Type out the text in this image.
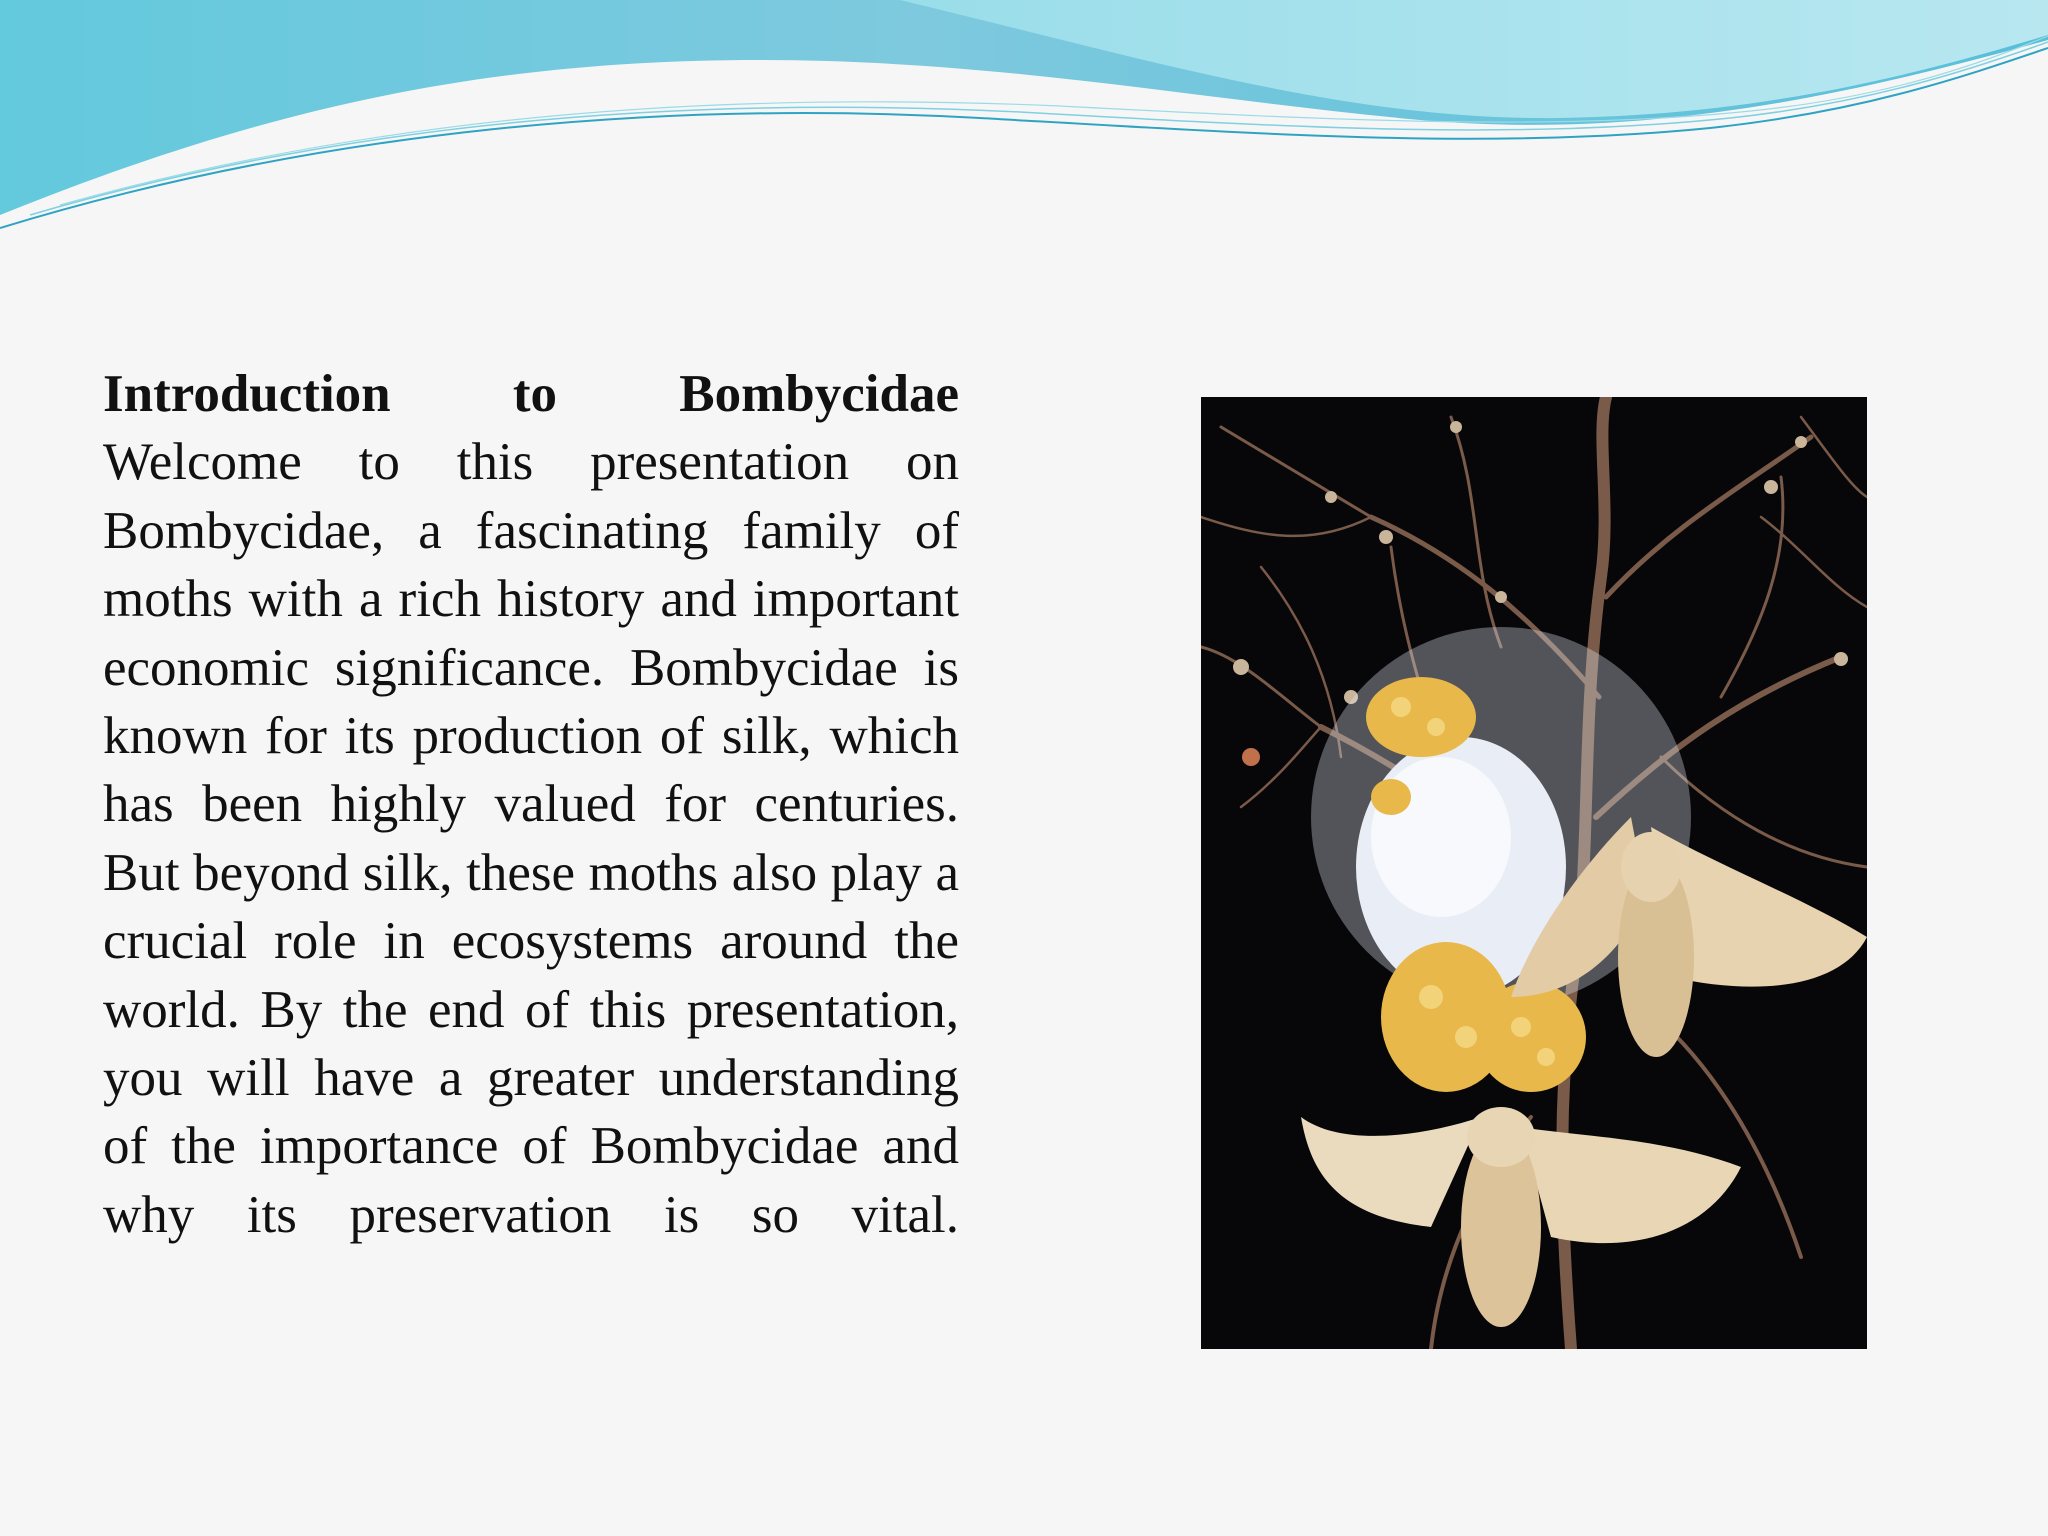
Introduction to Bombycidae
Welcome to this presentation on Bombycidae, a fascinating family of moths with a rich history and important economic significance. Bombycidae is known for its production of silk, which has been highly valued for centuries. But beyond silk, these moths also play a crucial role in ecosystems around the world. By the end of this presentation, you will have a greater understanding of the importance of Bombycidae and why its preservation is so vital.
